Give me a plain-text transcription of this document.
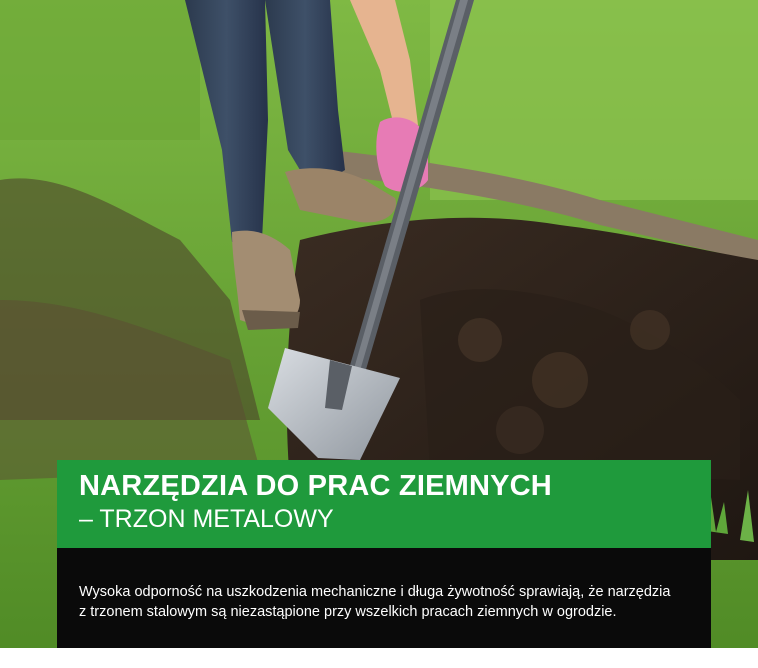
NARZĘDZIA DO PRAC ZIEMNYCH
– TRZON METALOWY
Wysoka odporność na uszkodzenia mechaniczne i długa żywotność sprawiają, że narzędzia
z trzonem stalowym są niezastąpione przy wszelkich pracach ziemnych w ogrodzie.
